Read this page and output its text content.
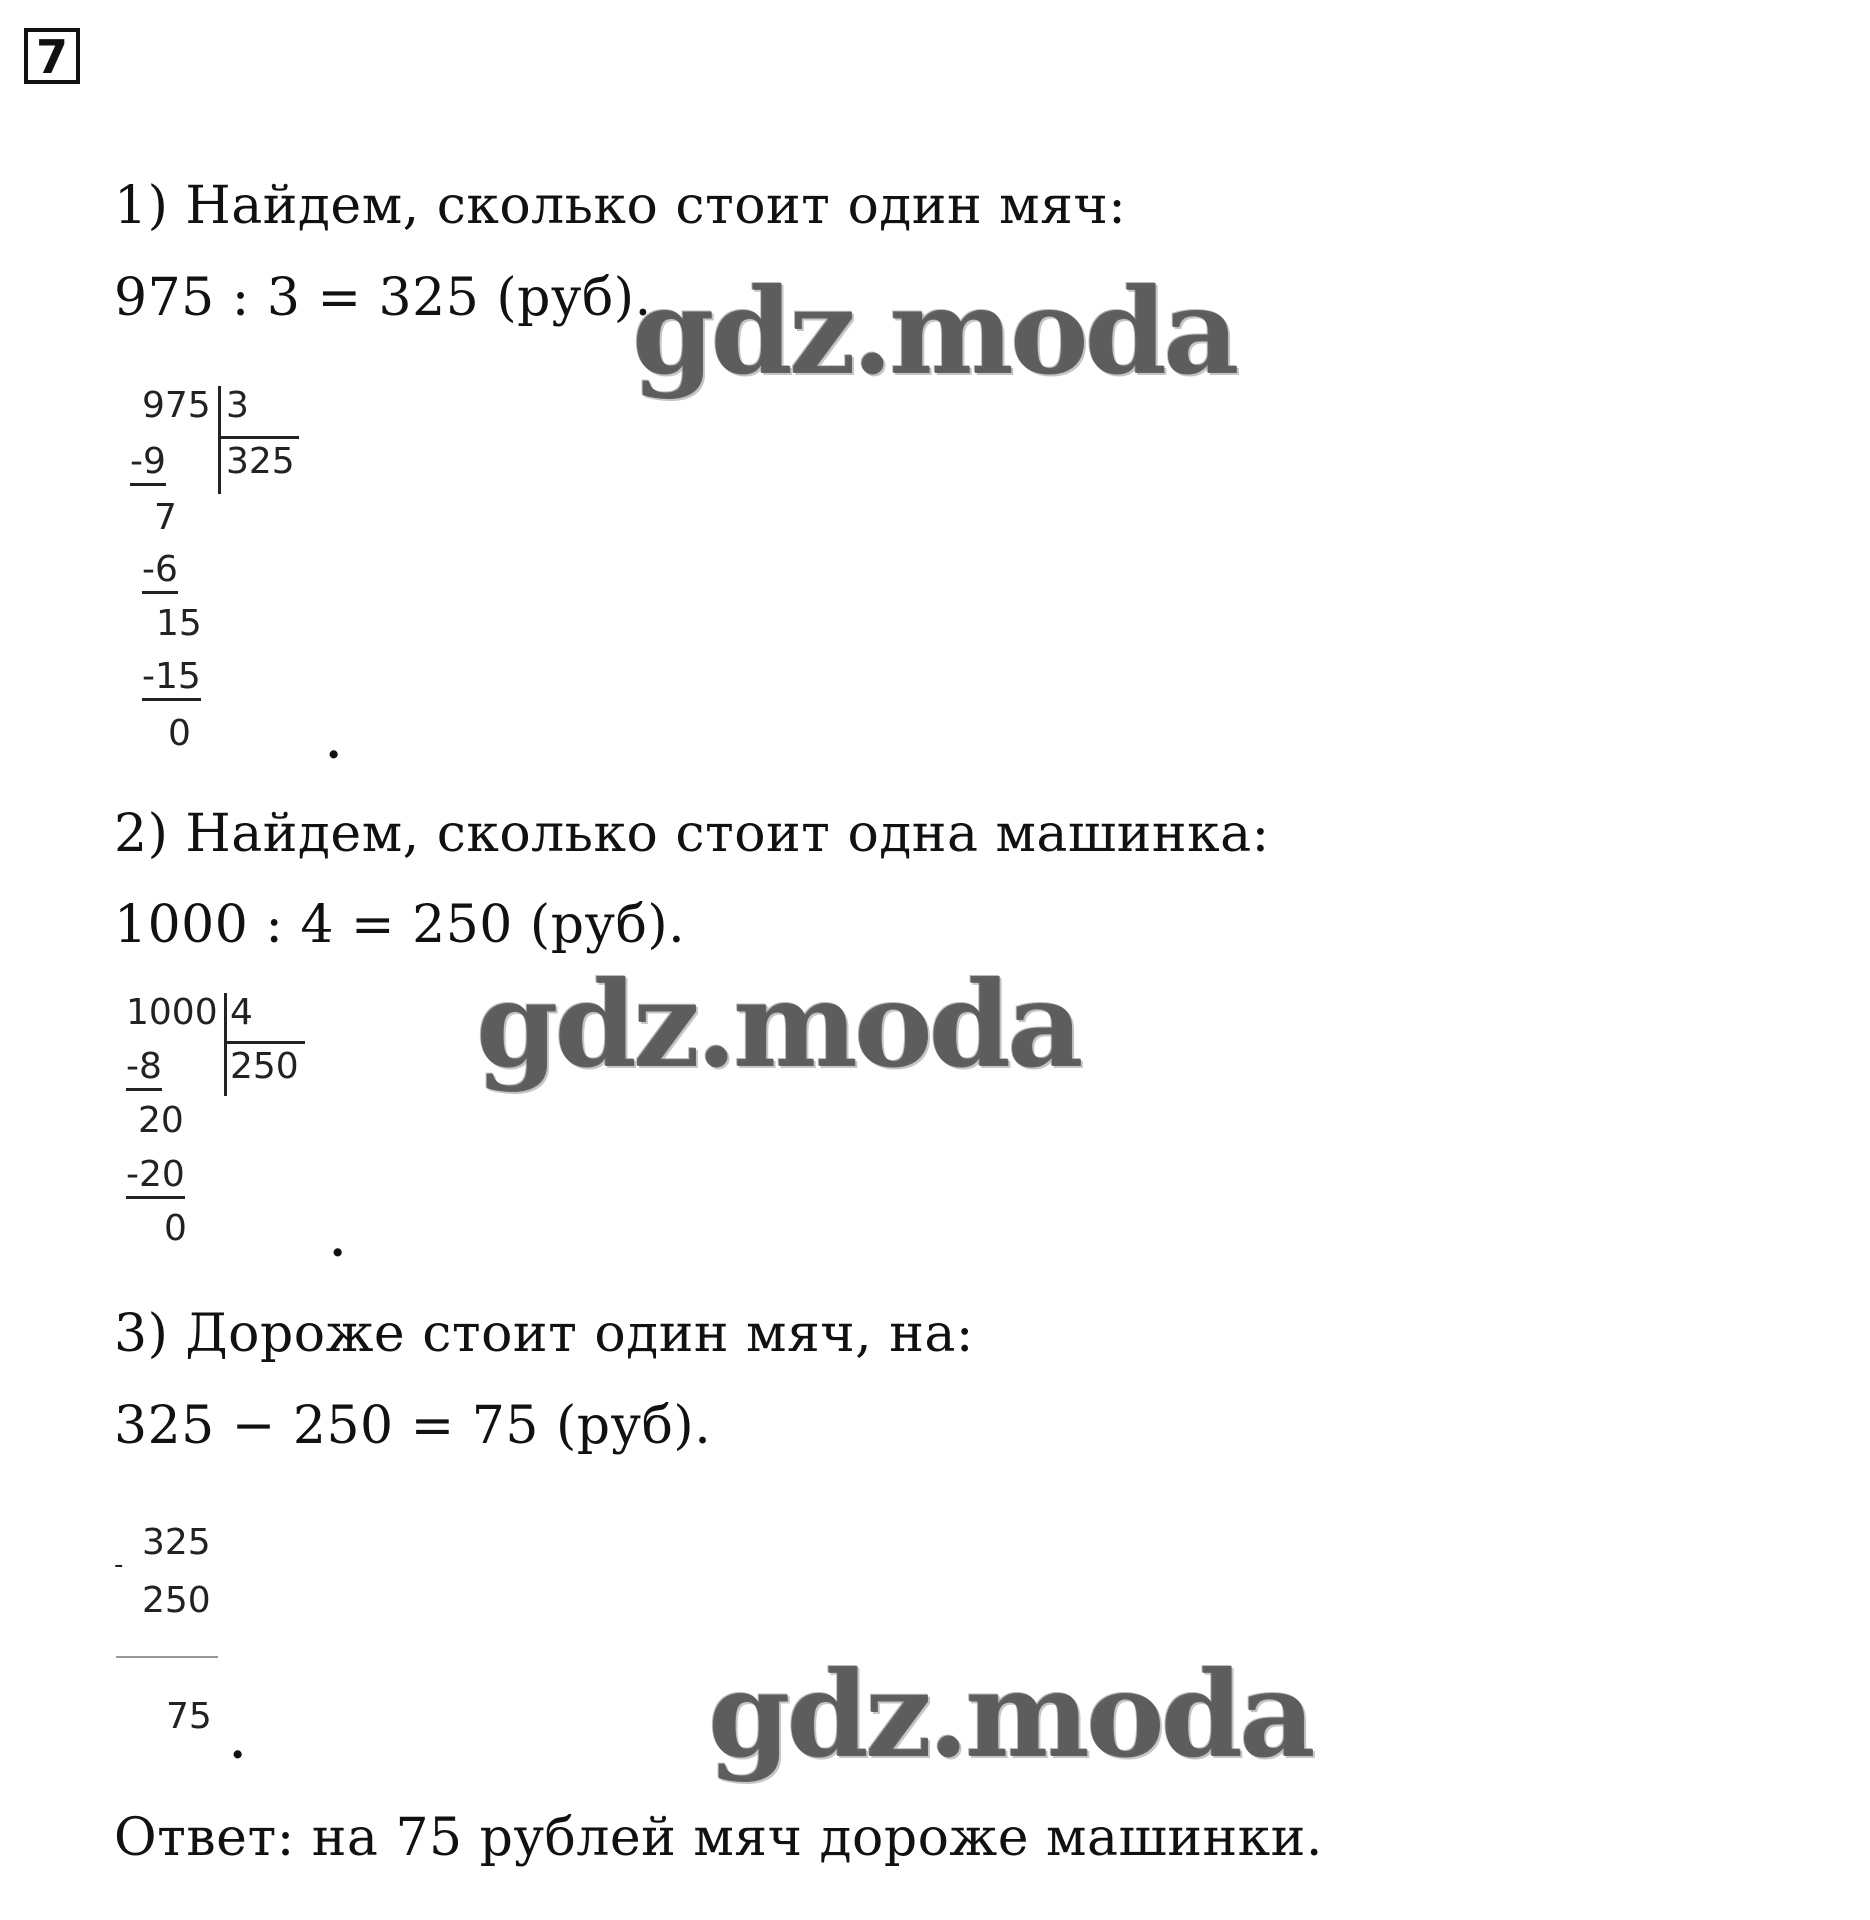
7
1) Найдем, сколько стоит один мяч:
975 : 3 = 325 (руб).
975 3
325
-9
7
-6
15
-15
0	.
2) Найдем, сколько стоит одна машинка:
1000 : 4 = 250 (руб).
1000 4
250
-8
20
-20
0	.
3) Дороже стоит один мяч, на:
325 − 250 = 75 (руб).
325
-
250
75
.
Ответ: на 75 рублей мяч дороже машинки.
gdz.moda
gdz.moda
gdz.moda
